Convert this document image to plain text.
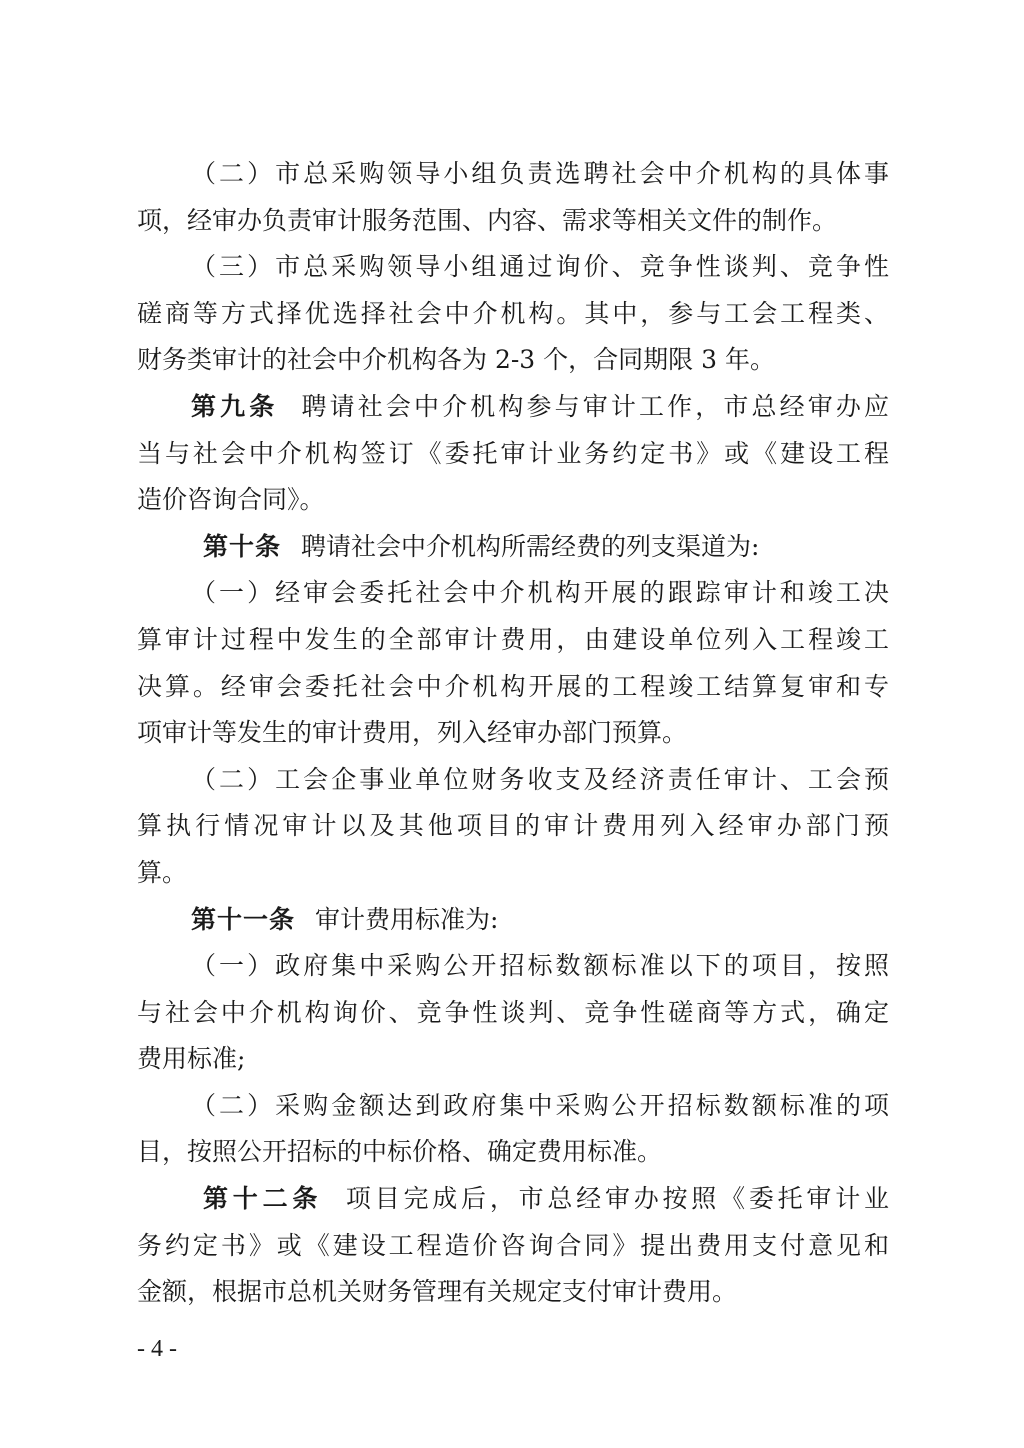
（二）市总采购领导小组负责选聘社会中介机构的具体事
项，经审办负责审计服务范围、内容、需求等相关文件的制作。
（三）市总采购领导小组通过询价、竞争性谈判、竞争性
磋商等方式择优选择社会中介机构。其中，参与工会工程类、
财务类审计的社会中介机构各为 2-3 个，合同期限 3 年。
第九条 聘请社会中介机构参与审计工作，市总经审办应
当与社会中介机构签订《委托审计业务约定书》或《建设工程
造价咨询合同》。
第十条 聘请社会中介机构所需经费的列支渠道为:
（一）经审会委托社会中介机构开展的跟踪审计和竣工决
算审计过程中发生的全部审计费用，由建设单位列入工程竣工
决算。经审会委托社会中介机构开展的工程竣工结算复审和专
项审计等发生的审计费用，列入经审办部门预算。
（二）工会企事业单位财务收支及经济责任审计、工会预
算执行情况审计以及其他项目的审计费用列入经审办部门预
算。
第十一条 审计费用标准为:
（一）政府集中采购公开招标数额标准以下的项目，按照
与社会中介机构询价、竞争性谈判、竞争性磋商等方式，确定
费用标准;
（二）采购金额达到政府集中采购公开招标数额标准的项
目，按照公开招标的中标价格、确定费用标准。
第十二条 项目完成后，市总经审办按照《委托审计业
务约定书》或《建设工程造价咨询合同》提出费用支付意见和
金额，根据市总机关财务管理有关规定支付审计费用。
- 4 -
